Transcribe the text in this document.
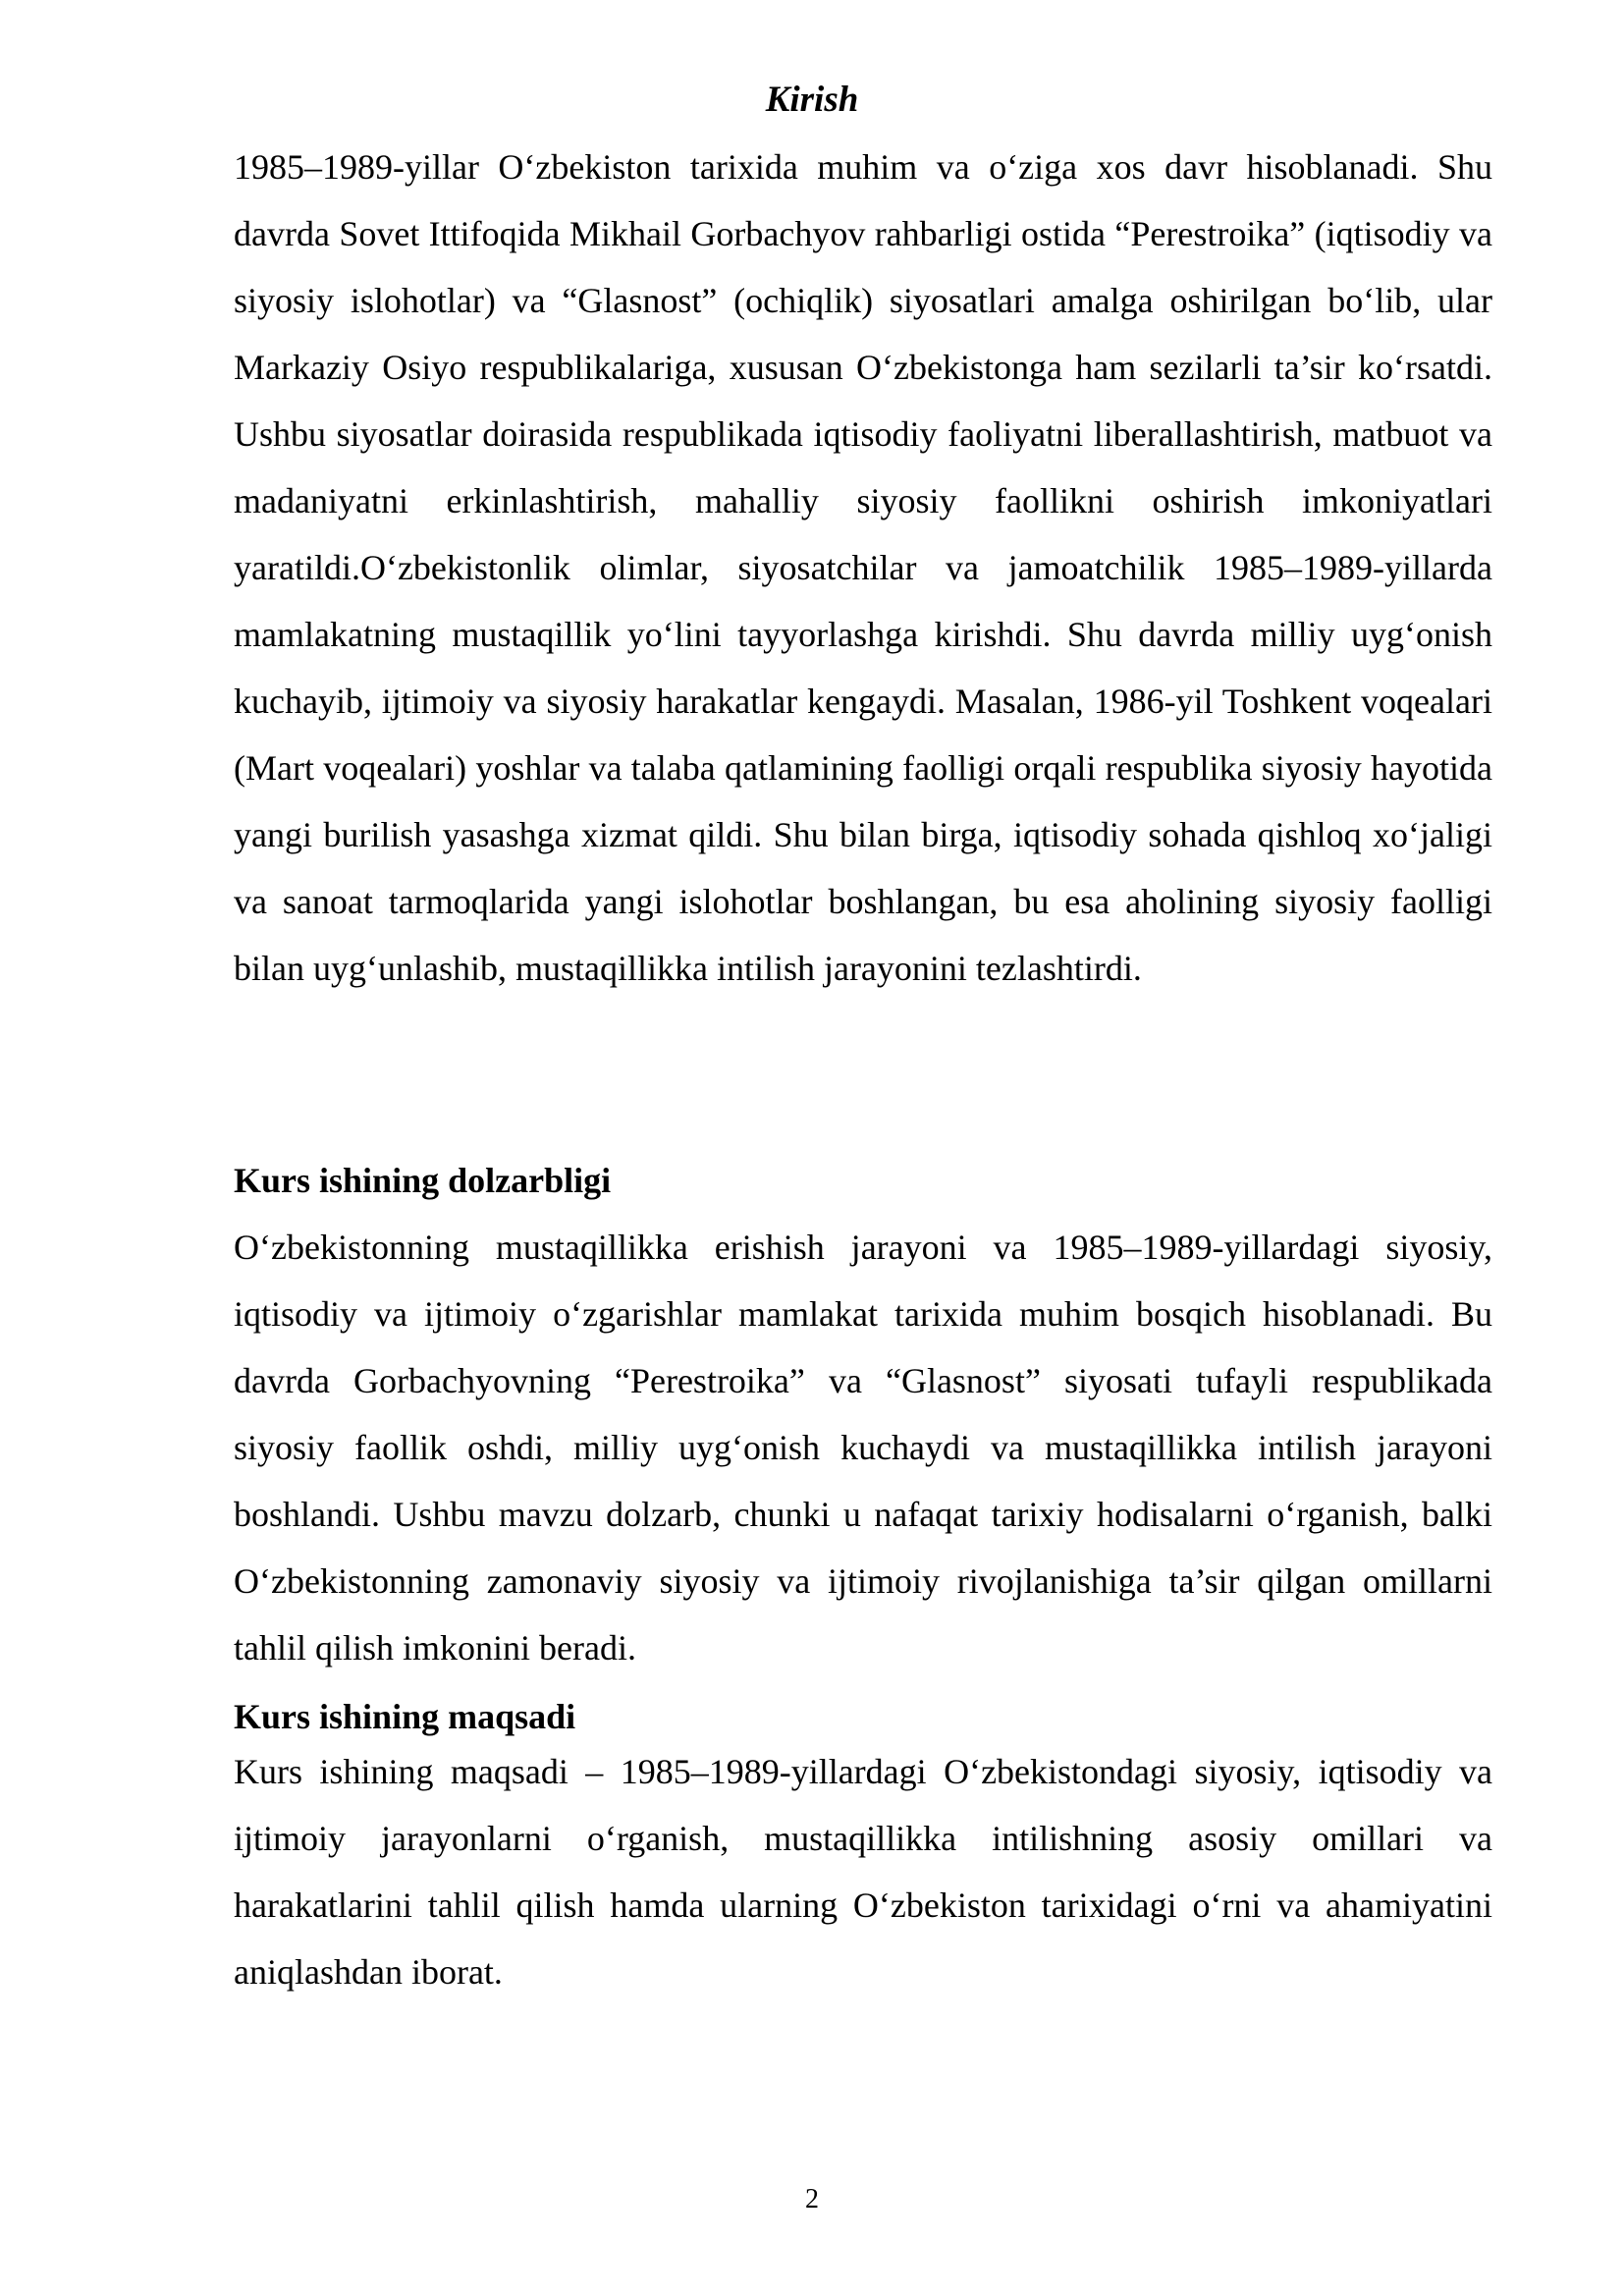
Kirish

1985–1989-yillar O‘zbekiston tarixida muhim va o‘ziga xos davr hisoblanadi. Shu davrda Sovet Ittifoqida Mikhail Gorbachyov rahbarligi ostida “Perestroika” (iqtisodiy va siyosiy islohotlar) va “Glasnost” (ochiqlik) siyosatlari amalga oshirilgan bo‘lib, ular Markaziy Osiyo respublikalariga, xususan O‘zbekistonga ham sezilarli ta’sir ko‘rsatdi. Ushbu siyosatlar doirasida respublikada iqtisodiy faoliyatni liberallashtirish, matbuot va madaniyatni erkinlashtirish, mahalliy siyosiy faollikni oshirish imkoniyatlari yaratildi.O‘zbekistonlik olimlar, siyosatchilar va jamoatchilik 1985–1989-yillarda mamlakatning mustaqillik yo‘lini tayyorlashga kirishdi. Shu davrda milliy uyg‘onish kuchayib, ijtimoiy va siyosiy harakatlar kengaydi. Masalan, 1986-yil Toshkent voqealari (Mart voqealari) yoshlar va talaba qatlamining faolligi orqali respublika siyosiy hayotida yangi burilish yasashga xizmat qildi. Shu bilan birga, iqtisodiy sohada qishloq xo‘jaligi va sanoat tarmoqlarida yangi islohotlar boshlangan, bu esa aholining siyosiy faolligi bilan uyg‘unlashib, mustaqillikka intilish jarayonini tezlashtirdi.

Kurs ishining dolzarbligi

O‘zbekistonning mustaqillikka erishish jarayoni va 1985–1989-yillardagi siyosiy, iqtisodiy va ijtimoiy o‘zgarishlar mamlakat tarixida muhim bosqich hisoblanadi. Bu davrda Gorbachyovning “Perestroika” va “Glasnost” siyosati tufayli respublikada siyosiy faollik oshdi, milliy uyg‘onish kuchaydi va mustaqillikka intilish jarayoni boshlandi. Ushbu mavzu dolzarb, chunki u nafaqat tarixiy hodisalarni o‘rganish, balki O‘zbekistonning zamonaviy siyosiy va ijtimoiy rivojlanishiga ta’sir qilgan omillarni tahlil qilish imkonini beradi.

Kurs ishining maqsadi

Kurs ishining maqsadi – 1985–1989-yillardagi O‘zbekistondagi siyosiy, iqtisodiy va ijtimoiy jarayonlarni o‘rganish, mustaqillikka intilishning asosiy omillari va harakatlarini tahlil qilish hamda ularning O‘zbekiston tarixidagi o‘rni va ahamiyatini aniqlashdan iborat.

2
